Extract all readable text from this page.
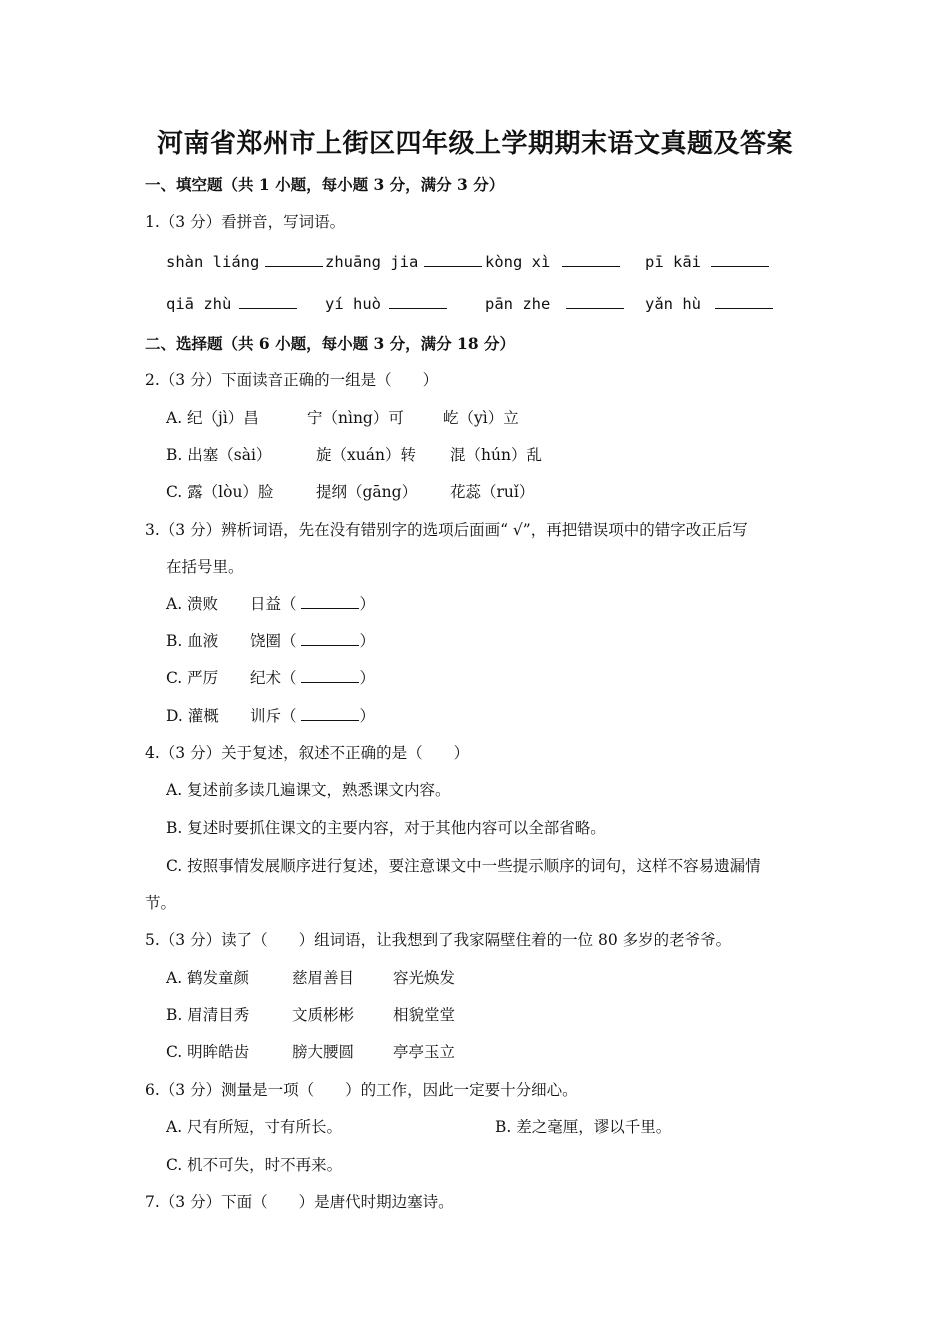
河南省郑州市上街区四年级上学期期末语文真题及答案
一、填空题（共 1 小题，每小题 3 分，满分 3 分）
1.（3 分）看拼音，写词语。
shàn liáng	zhuāng jia	kòng xì	pī kāi
qiā zhù	yí huò	pān zhe	yǎn hù
二、选择题（共 6 小题，每小题 3 分，满分 18 分）
2.（3 分）下面读音正确的一组是（　　）
A. 纪（jì）昌	宁（nìng）可	屹（yì）立
B. 出塞（sài）	旋（xuán）转 混（hún）乱
C. 露（lòu）脸	提纲（gāng） 花蕊（ruǐ）
3.（3 分）辨析词语，先在没有错别字的选项后面画“ √”，再把错误项中的错字改正后写
在括号里。
A. 溃败 日益（	）
B. 血液 饶圈（	）
C. 严厉 纪术（	）
D. 灌概 训斥（	）
4.（3 分）关于复述，叙述不正确的是（　　）
A. 复述前多读几遍课文，熟悉课文内容。
B. 复述时要抓住课文的主要内容，对于其他内容可以全部省略。
C. 按照事情发展顺序进行复述，要注意课文中一些提示顺序的词句，这样不容易遗漏情
节。
5.（3 分）读了（　　）组词语，让我想到了我家隔壁住着的一位 80 多岁的老爷爷。
A. 鹤发童颜	慈眉善目	容光焕发
B. 眉清目秀	文质彬彬	相貌堂堂
C. 明眸皓齿	膀大腰圆	亭亭玉立
6.（3 分）测量是一项（　　）的工作，因此一定要十分细心。
A. 尺有所短，寸有所长。	B. 差之毫厘，谬以千里。
C. 机不可失，时不再来。
7.（3 分）下面（　　）是唐代时期边塞诗。
